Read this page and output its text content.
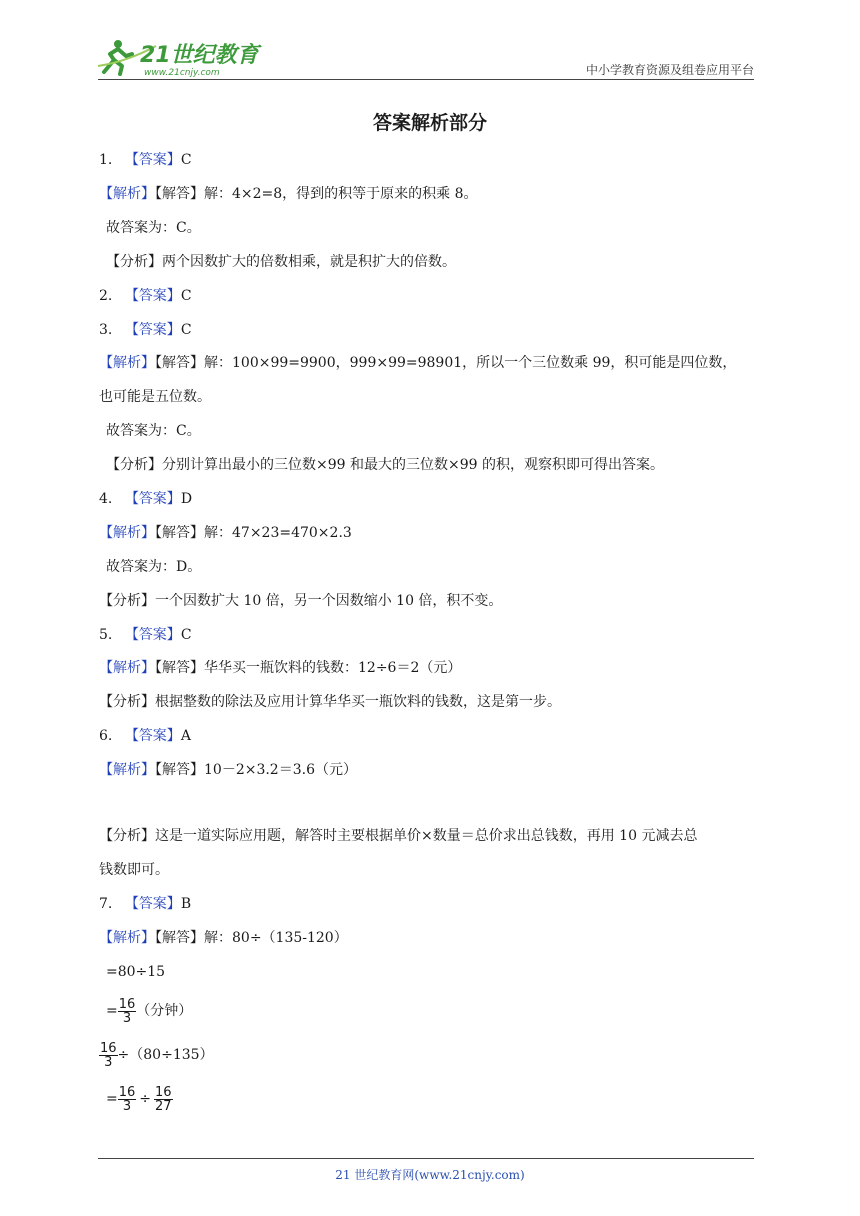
21世纪教育
www.21cnjy.com	中小学教育资源及组卷应用平台
答案解析部分
1. 【答案】C
【解析】【解答】解：4×2=8，得到的积等于原来的积乘 8。
故答案为：C。
【分析】两个因数扩大的倍数相乘，就是积扩大的倍数。
2. 【答案】C
3. 【答案】C
【解析】【解答】解：100×99=9900，999×99=98901，所以一个三位数乘 99，积可能是四位数，
也可能是五位数。
故答案为：C。
【分析】分别计算出最小的三位数×99 和最大的三位数×99 的积，观察积即可得出答案。
4. 【答案】D
【解析】【解答】解：47×23=470×2.3
故答案为：D。
【分析】一个因数扩大 10 倍，另一个因数缩小 10 倍，积不变。
5. 【答案】C
【解析】【解答】华华买一瓶饮料的钱数：12÷6＝2（元）
【分析】根据整数的除法及应用计算华华买一瓶饮料的钱数，这是第一步。
6. 【答案】A
【解析】【解答】10－2×3.2＝3.6（元）
【分析】这是一道实际应用题，解答时主要根据单价×数量＝总价求出总钱数，再用 10 元减去总
钱数即可。
7. 【答案】B
【解析】【解答】解：80÷（135-120）
=80÷15
= $\frac{16}{3}$ （分钟）
$\frac{16}{3} \div(80\div 135)$
= $\frac{16}{3} \div \frac{16}{27}$
21 世纪教育网(www.21cnjy.com)
